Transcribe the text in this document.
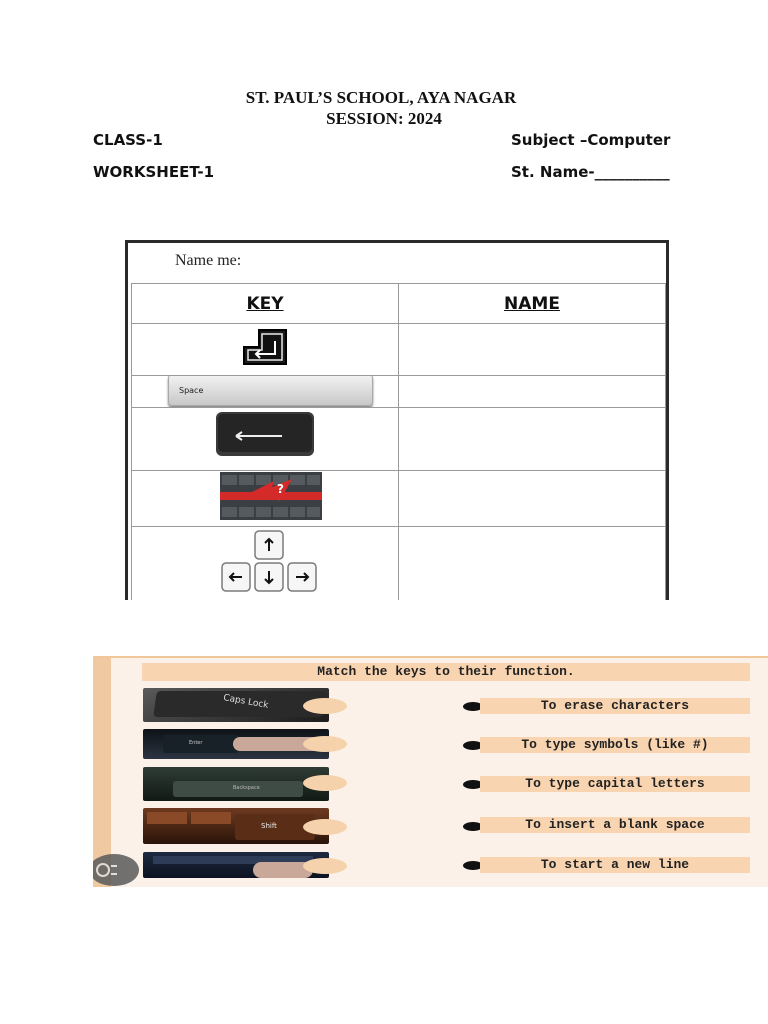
ST. PAUL’S SCHOOL, AYA NAGAR
SESSION: 2024
CLASS-1	Subject –Computer
WORKSHEET-1	St. Name-__________
Name me:
KEY	NAME

Space	

?	

Match the keys to their function.
Caps Lock
Enter
Backspace
Shift
To erase characters
To type symbols (like #)
To type capital letters
To insert a blank space
To start a new line
